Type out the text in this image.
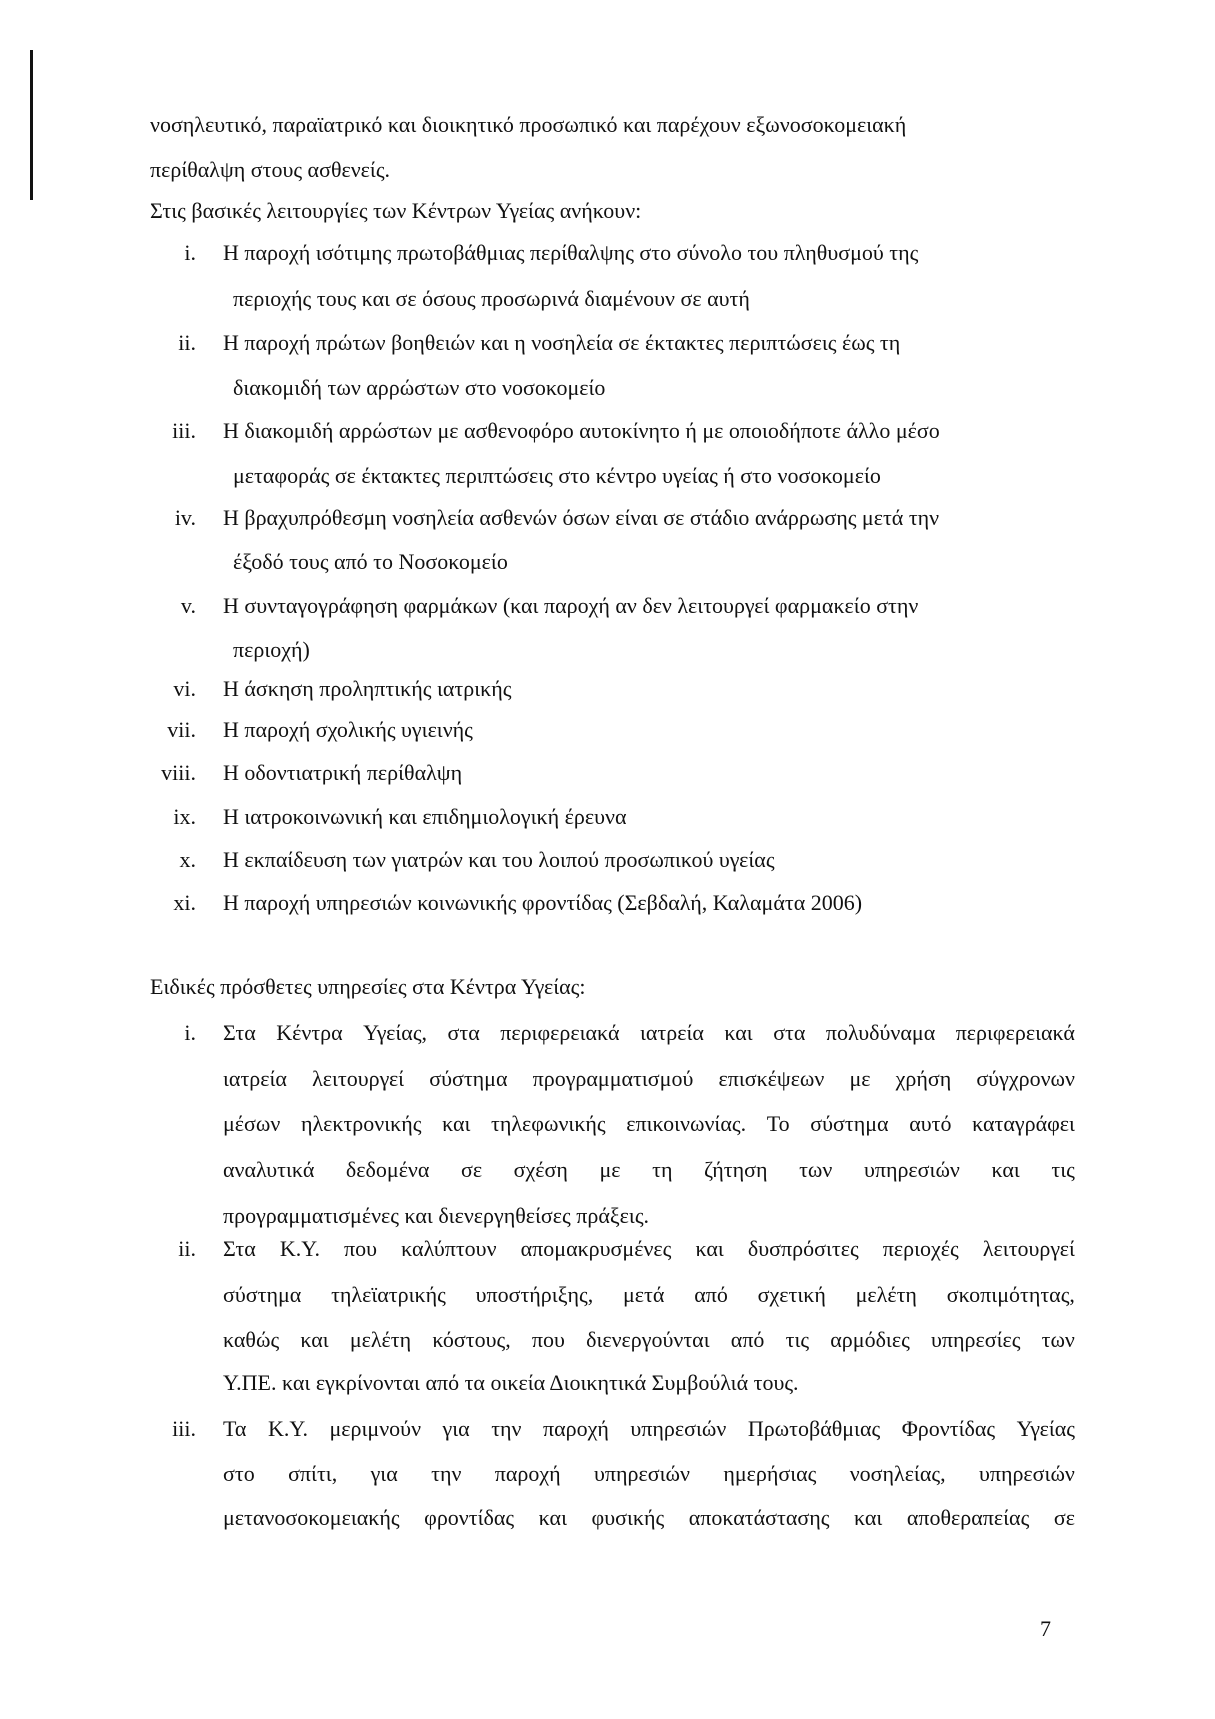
νοσηλευτικό, παραϊατρικό και διοικητικό προσωπικό και παρέχουν εξωνοσοκομειακή
περίθαλψη στους ασθενείς.
Στις βασικές λειτουργίες των Κέντρων Υγείας ανήκουν:
i. Η παροχή ισότιμης πρωτοβάθμιας περίθαλψης στο σύνολο του πληθυσμού της
περιοχής τους και σε όσους προσωρινά διαμένουν σε αυτή
ii. Η παροχή πρώτων βοηθειών και η νοσηλεία σε έκτακτες περιπτώσεις έως τη
διακομιδή των αρρώστων στο νοσοκομείο
iii. Η διακομιδή αρρώστων με ασθενοφόρο αυτοκίνητο ή με οποιοδήποτε άλλο μέσο
μεταφοράς σε έκτακτες περιπτώσεις στο κέντρο υγείας ή στο νοσοκομείο
iv. Η βραχυπρόθεσμη νοσηλεία ασθενών όσων είναι σε στάδιο ανάρρωσης μετά την
έξοδό τους από το Νοσοκομείο
v. Η συνταγογράφηση φαρμάκων (και παροχή αν δεν λειτουργεί φαρμακείο στην
περιοχή)
vi. Η άσκηση προληπτικής ιατρικής
vii. Η παροχή σχολικής υγιεινής
viii. Η οδοντιατρική περίθαλψη
ix. Η ιατροκοινωνική και επιδημιολογική έρευνα
x. Η εκπαίδευση των γιατρών και του λοιπού προσωπικού υγείας
xi. Η παροχή υπηρεσιών κοινωνικής φροντίδας (Σεβδαλή, Καλαμάτα 2006)
Ειδικές πρόσθετες υπηρεσίες στα Κέντρα Υγείας:
i. Στα Κέντρα Υγείας, στα περιφερειακά ιατρεία και στα πολυδύναμα περιφερειακά
ιατρεία λειτουργεί σύστημα προγραμματισμού επισκέψεων με χρήση σύγχρονων
μέσων ηλεκτρονικής και τηλεφωνικής επικοινωνίας. Το σύστημα αυτό καταγράφει
αναλυτικά δεδομένα σε σχέση με τη ζήτηση των υπηρεσιών και τις
προγραμματισμένες και διενεργηθείσες πράξεις.
ii. Στα Κ.Υ. που καλύπτουν απομακρυσμένες και δυσπρόσιτες περιοχές λειτουργεί
σύστημα τηλεϊατρικής υποστήριξης, μετά από σχετική μελέτη σκοπιμότητας,
καθώς και μελέτη κόστους, που διενεργούνται από τις αρμόδιες υπηρεσίες των
Υ.ΠΕ. και εγκρίνονται από τα οικεία Διοικητικά Συμβούλιά τους.
iii. Τα Κ.Υ. μεριμνούν για την παροχή υπηρεσιών Πρωτοβάθμιας Φροντίδας Υγείας
στο σπίτι, για την παροχή υπηρεσιών ημερήσιας νοσηλείας, υπηρεσιών
μετανοσοκομειακής φροντίδας και φυσικής αποκατάστασης και αποθεραπείας σε
7
